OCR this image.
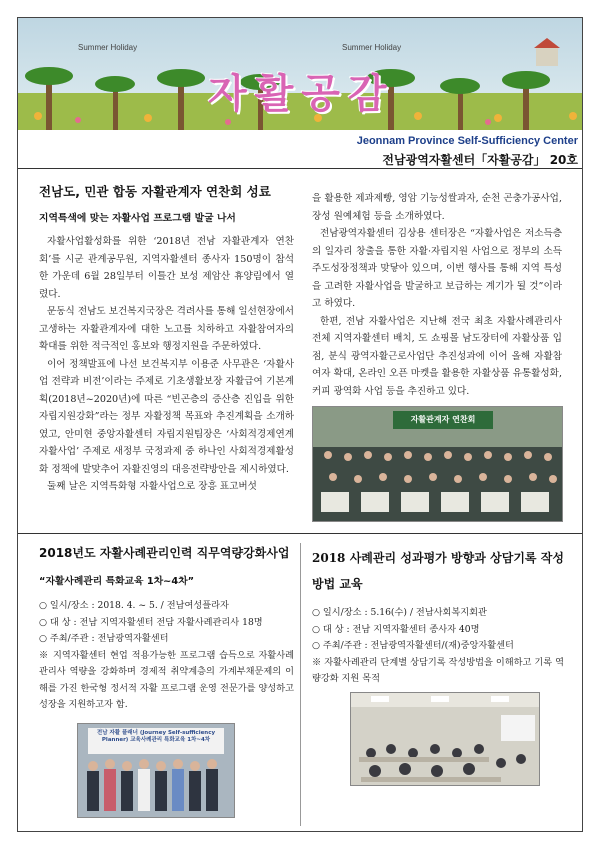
Summer Holiday	Summer Holiday
자활공감
Jeonnam Province Self-Sufficiency Center
전남광역자활센터「자활공감」 20호
전남도, 민관 합동 자활관계자 연찬회 성료
지역특색에 맞는 자활사업 프로그램 발굴 나서

자활사업활성화를 위한 ‘2018년 전남 자활관계자 연찬회’를 시군 관계공무원, 지역자활센터 종사자 150명이 참석한 가운데 6월 28일부터 이틀간 보성 제암산 휴양림에서 열렸다.

문동식 전남도 보건복지국장은 격려사를 통해 일선현장에서 고생하는 자활관계자에 대한 노고를 치하하고 자활참여자의 확대를 위한 적극적인 홍보와 행정지원을 주문하였다.

이어 정책발표에 나선 보건복지부 이용준 사무관은 ‘자활사업 전략과 비전’이라는 주제로 기초생활보장 자활급여 기본계획(2018년~2020년)에 따른 “빈곤층의 증산층 진입을 위한 자립지원강화”라는 정부 자활정책 목표와 추진계획을 소개하였고, 안미현 중앙자활센터 자립지원팀장은 ‘사회적경제연계 자활사업’ 주제로 새정부 국정과제 중 하나인 사회적경제활성화 정책에 발맞추어 자활진영의 대응전략방안을 제시하였다.

둘째 날은 지역특화형 자활사업으로 장흥 표고버섯

을 활용한 제과제빵, 영암 기능성쌀과자, 순천 곤충가공사업, 장성 원예체험 등을 소개하였다.

전남광역자활센터 김상용 센터장은 “자활사업은 저소득층의 일자리 창출을 통한 자활·자립지원 사업으로 정부의 소득주도성장정책과 맞닿아 있으며, 이번 행사를 통해 지역 특성을 고려한 자활사업을 발굴하고 보급하는 계기가 될 것”이라고 하였다.

한편, 전남 자활사업은 지난해 전국 최초 자활사례관리사 전체 지역자활센터 배치, 도 쇼핑몰 남도장터에 자활상품 입점, 분식 광역자활근로사업단 추진성과에 이어 올해 자활참여자 확대, 온라인 오픈 마켓을 활용한 자활상품 유통활성화, 커피 광역화 사업 등을 추진하고 있다.

자활관계자 연찬회
2018년도 자활사례관리인력 직무역량강화사업
“자활사례관리 특화교육 1차~4차”

○ 일시/장소 : 2018. 4. ~ 5. / 전남여성플라자

○ 대 상 : 전남 지역자활센터 전담 자활사례관리사 18명

○ 주최/주관 : 전남광역자활센터

※ 지역자활센터 현업 적용가능한 프로그램 습득으로 자활사례관리사 역량을 강화하며 경제적 취약계층의 가계부채문제의 이해를 가진 한국형 정서적 자활 프로그램 운영 전문가를 양성하고 성장을 지원하고자 함.

전남 자활 플래너 (Journey Self-sufficiency Planner) 교육사례관리 특화교육 1차~4차
2018 사례관리 성과평가 방향과 상담기록 작성방법 교육

○ 일시/장소 : 5.16(수) / 전남사회복지회관

○ 대 상 : 전남 지역자활센터 종사자 40명

○ 주최/주관 : 전남광역자활센터/(재)중앙자활센터

※ 자활사례관리 단계별 상담기록 작성방법을 이해하고 기록 역량강화 지원 목적
